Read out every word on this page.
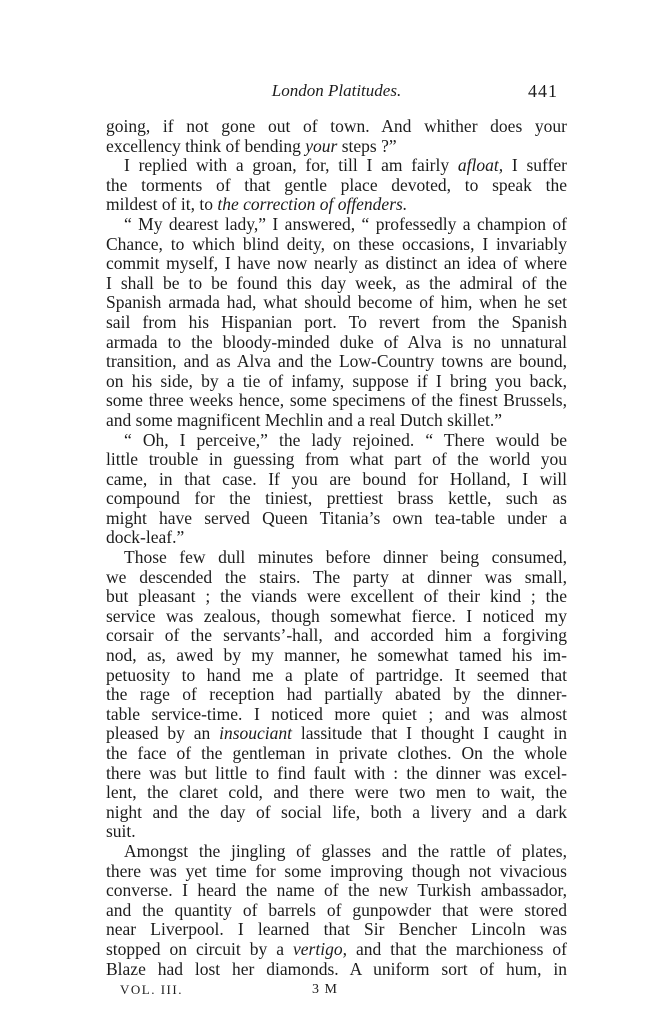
London Platitudes.	441
going, if not gone out of town. And whither does your
excellency think of bending your steps ?”
I replied with a groan, for, till I am fairly afloat, I suffer
the torments of that gentle place devoted, to speak the
mildest of it, to the correction of offenders.
“ My dearest lady,” I answered, “ professedly a champion of
Chance, to which blind deity, on these occasions, I invariably
commit myself, I have now nearly as distinct an idea of where
I shall be to be found this day week, as the admiral of the
Spanish armada had, what should become of him, when he set
sail from his Hispanian port. To revert from the Spanish
armada to the bloody-minded duke of Alva is no unnatural
transition, and as Alva and the Low-Country towns are bound,
on his side, by a tie of infamy, suppose if I bring you back,
some three weeks hence, some specimens of the finest Brussels,
and some magnificent Mechlin and a real Dutch skillet.”
“ Oh, I perceive,” the lady rejoined. “ There would be
little trouble in guessing from what part of the world you
came, in that case. If you are bound for Holland, I will
compound for the tiniest, prettiest brass kettle, such as
might have served Queen Titania’s own tea-table under a
dock-leaf.”
Those few dull minutes before dinner being consumed,
we descended the stairs. The party at dinner was small,
but pleasant ; the viands were excellent of their kind ; the
service was zealous, though somewhat fierce. I noticed my
corsair of the servants’-hall, and accorded him a forgiving
nod, as, awed by my manner, he somewhat tamed his im-
petuosity to hand me a plate of partridge. It seemed that
the rage of reception had partially abated by the dinner-
table service-time. I noticed more quiet ; and was almost
pleased by an insouciant lassitude that I thought I caught in
the face of the gentleman in private clothes. On the whole
there was but little to find fault with : the dinner was excel-
lent, the claret cold, and there were two men to wait, the
night and the day of social life, both a livery and a dark
suit.
Amongst the jingling of glasses and the rattle of plates,
there was yet time for some improving though not vivacious
converse. I heard the name of the new Turkish ambassador,
and the quantity of barrels of gunpowder that were stored
near Liverpool. I learned that Sir Bencher Lincoln was
stopped on circuit by a vertigo, and that the marchioness of
Blaze had lost her diamonds. A uniform sort of hum, in
VOL. III.	3 M
